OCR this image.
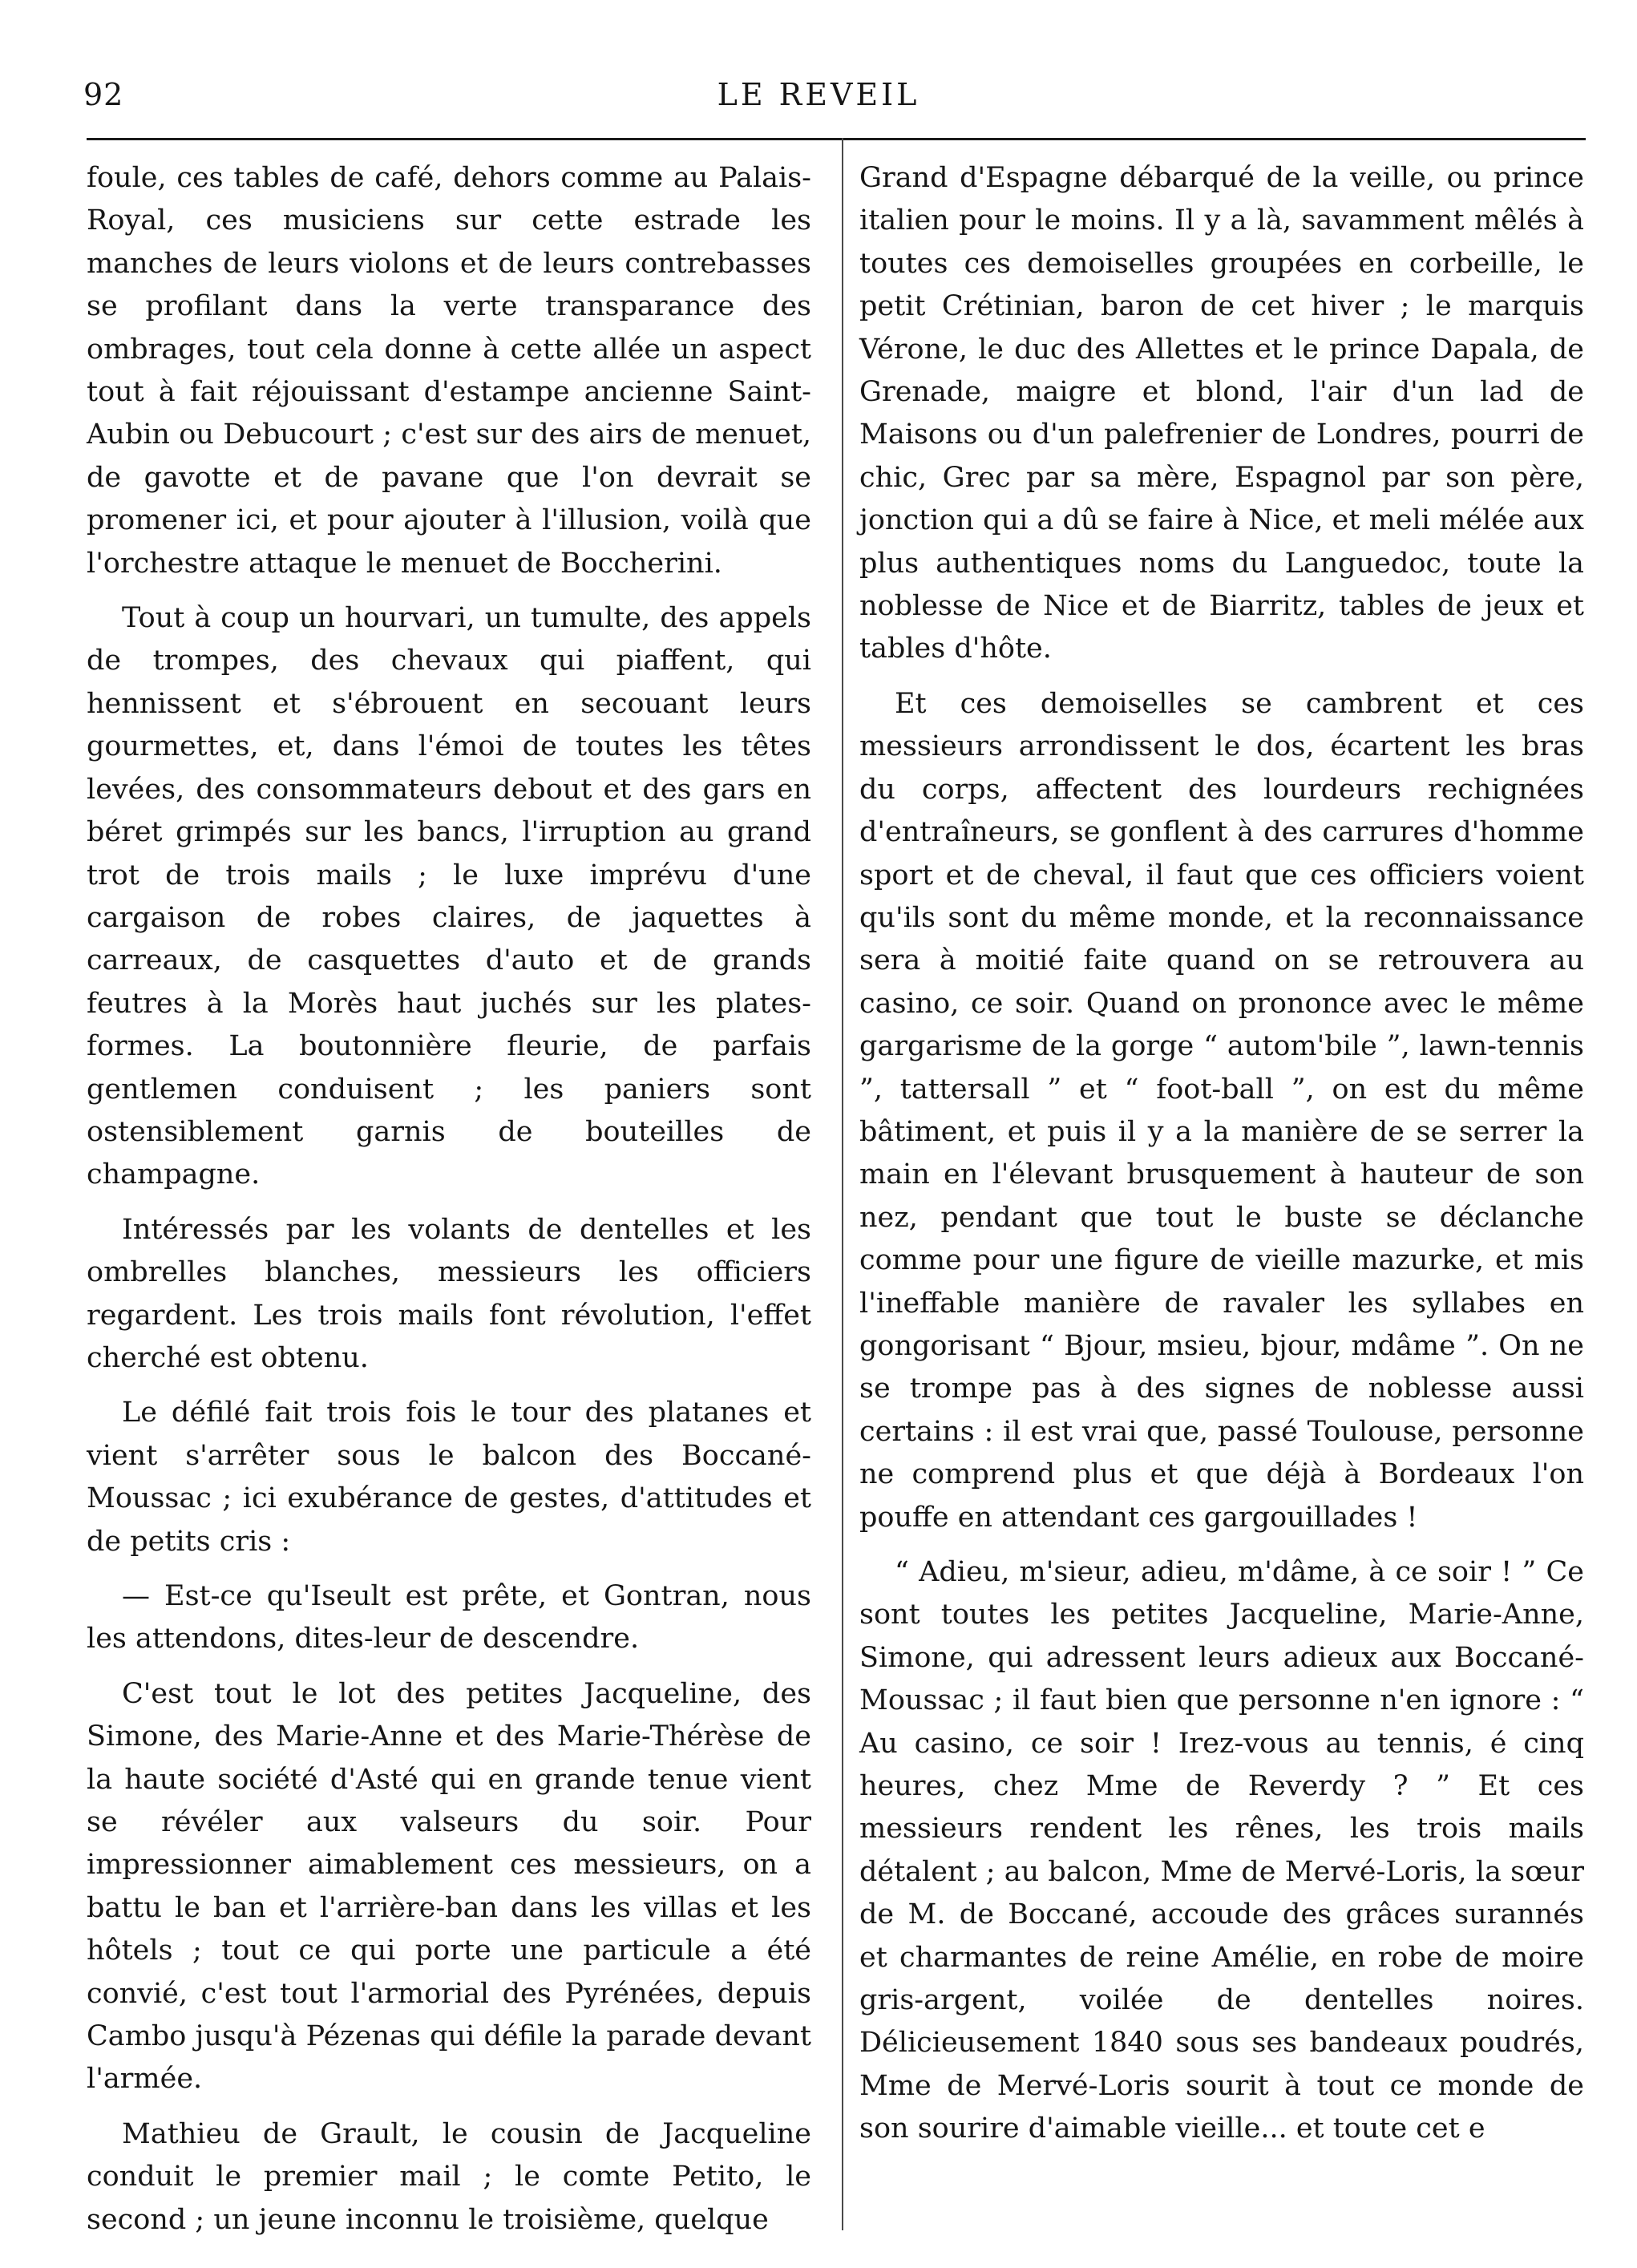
92	LE REVEIL

foule, ces tables de café, dehors comme au Palais-Royal, ces musiciens sur cette estrade les manches de leurs violons et de leurs contrebasses se profilant dans la verte transparance des ombrages, tout cela donne à cette allée un aspect tout à fait réjouissant d'estampe ancienne Saint-Aubin ou Debucourt ; c'est sur des airs de menuet, de gavotte et de pavane que l'on devrait se promener ici, et pour ajouter à l'illusion, voilà que l'orchestre attaque le menuet de Boccherini.

Tout à coup un hourvari, un tumulte, des appels de trompes, des chevaux qui piaffent, qui hennissent et s'ébrouent en secouant leurs gourmettes, et, dans l'émoi de toutes les têtes levées, des consommateurs debout et des gars en béret grimpés sur les bancs, l'irruption au grand trot de trois mails ; le luxe imprévu d'une cargaison de robes claires, de jaquettes à carreaux, de casquettes d'auto et de grands feutres à la Morès haut juchés sur les plates-formes. La boutonnière fleurie, de parfais gentlemen conduisent ; les paniers sont ostensiblement garnis de bouteilles de champagne.

Intéressés par les volants de dentelles et les ombrelles blanches, messieurs les officiers regardent. Les trois mails font révolution, l'effet cherché est obtenu.

Le défilé fait trois fois le tour des platanes et vient s'arrêter sous le balcon des Boccané-Moussac ; ici exubérance de gestes, d'attitudes et de petits cris :

— Est-ce qu'Iseult est prête, et Gontran, nous les attendons, dites-leur de descendre.

C'est tout le lot des petites Jacqueline, des Simone, des Marie-Anne et des Marie-Thérèse de la haute société d'Asté qui en grande tenue vient se révéler aux valseurs du soir. Pour impressionner aimablement ces messieurs, on a battu le ban et l'arrière-ban dans les villas et les hôtels ; tout ce qui porte une particule a été convié, c'est tout l'armorial des Pyrénées, depuis Cambo jusqu'à Pézenas qui défile la parade devant l'armée.

Mathieu de Grault, le cousin de Jacqueline conduit le premier mail ; le comte Petito, le second ; un jeune inconnu le troisième, quelque

Grand d'Espagne débarqué de la veille, ou prince italien pour le moins. Il y a là, savamment mêlés à toutes ces demoiselles groupées en corbeille, le petit Crétinian, baron de cet hiver ; le marquis Vérone, le duc des Allettes et le prince Dapala, de Grenade, maigre et blond, l'air d'un lad de Maisons ou d'un palefrenier de Londres, pourri de chic, Grec par sa mère, Espagnol par son père, jonction qui a dû se faire à Nice, et meli mélée aux plus authentiques noms du Languedoc, toute la noblesse de Nice et de Biarritz, tables de jeux et tables d'hôte.

Et ces demoiselles se cambrent et ces messieurs arrondissent le dos, écartent les bras du corps, affectent des lourdeurs rechignées d'entraîneurs, se gonflent à des carrures d'homme sport et de cheval, il faut que ces officiers voient qu'ils sont du même monde, et la reconnaissance sera à moitié faite quand on se retrouvera au casino, ce soir. Quand on prononce avec le même gargarisme de la gorge “ autom'bile ”, lawn-tennis ”, tattersall ” et “ foot-ball ”, on est du même bâtiment, et puis il y a la manière de se serrer la main en l'élevant brusquement à hauteur de son nez, pendant que tout le buste se déclanche comme pour une figure de vieille mazurke, et mis l'ineffable manière de ravaler les syllabes en gongorisant “ Bjour, msieu, bjour, mdâme ”. On ne se trompe pas à des signes de noblesse aussi certains : il est vrai que, passé Toulouse, personne ne comprend plus et que déjà à Bordeaux l'on pouffe en attendant ces gargouillades !

“ Adieu, m'sieur, adieu, m'dâme, à ce soir ! ” Ce sont toutes les petites Jacqueline, Marie-Anne, Simone, qui adressent leurs adieux aux Boccané-Moussac ; il faut bien que personne n'en ignore : “ Au casino, ce soir ! Irez-vous au tennis, é cinq heures, chez Mme de Reverdy ? ” Et ces messieurs rendent les rênes, les trois mails détalent ; au balcon, Mme de Mervé-Loris, la sœur de M. de Boccané, accoude des grâces surannés et charmantes de reine Amélie, en robe de moire gris-argent, voilée de dentelles noires. Délicieusement 1840 sous ses bandeaux poudrés, Mme de Mervé-Loris sourit à tout ce monde de son sourire d'aimable vieille... et toute cet e
